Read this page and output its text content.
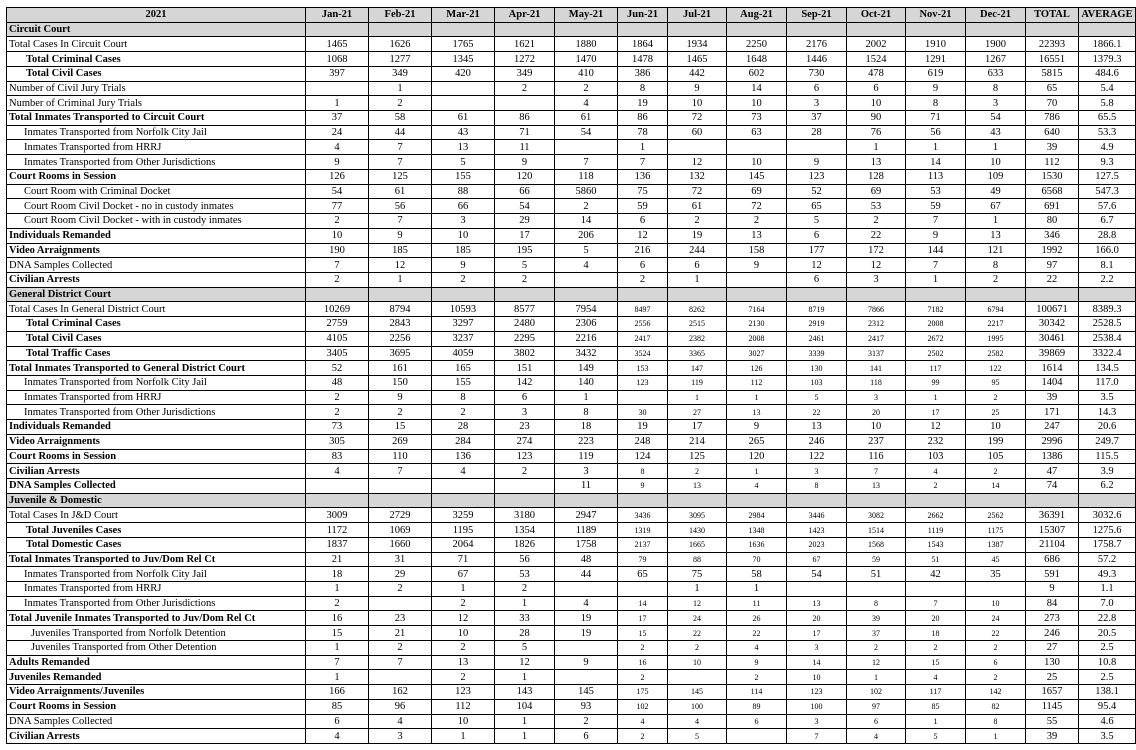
2021	Jan-21	Feb-21	Mar-21	Apr-21	May-21	Jun-21	Jul-21	Aug-21	Sep-21	Oct-21	Nov-21	Dec-21	TOTAL	AVERAGE
Circuit Court														
Total Cases In Circuit Court	1465	1626	1765	1621	1880	1864	1934	2250	2176	2002	1910	1900	22393	1866.1
Total Criminal Cases	1068	1277	1345	1272	1470	1478	1465	1648	1446	1524	1291	1267	16551	1379.3
Total Civil Cases	397	349	420	349	410	386	442	602	730	478	619	633	5815	484.6
Number of Civil Jury Trials		1		2	2	8	9	14	6	6	9	8	65	5.4
Number of Criminal Jury Trials	1	2			4	19	10	10	3	10	8	3	70	5.8
Total Inmates Transported to Circuit Court	37	58	61	86	61	86	72	73	37	90	71	54	786	65.5
Inmates Transported from Norfolk City Jail	24	44	43	71	54	78	60	63	28	76	56	43	640	53.3
Inmates Transported from HRRJ	4	7	13	11		1				1	1	1	39	4.9
Inmates Transported from Other Jurisdictions	9	7	5	9	7	7	12	10	9	13	14	10	112	9.3
Court Rooms in Session	126	125	155	120	118	136	132	145	123	128	113	109	1530	127.5
Court Room with Criminal Docket	54	61	88	66	5860	75	72	69	52	69	53	49	6568	547.3
Court Room Civil Docket - no in custody inmates	77	56	66	54	2	59	61	72	65	53	59	67	691	57.6
Court Room Civil Docket - with in custody inmates	2	7	3	29	14	6	2	2	5	2	7	1	80	6.7
Individuals Remanded	10	9	10	17	206	12	19	13	6	22	9	13	346	28.8
Video Arraignments	190	185	185	195	5	216	244	158	177	172	144	121	1992	166.0
DNA Samples Collected	7	12	9	5	4	6	6	9	12	12	7	8	97	8.1
Civilian Arrests	2	1	2	2		2	1		6	3	1	2	22	2.2
General District Court														
Total Cases In General District Court	10269	8794	10593	8577	7954	8497	8262	7164	8719	7866	7182	6794	100671	8389.3
Total Criminal Cases	2759	2843	3297	2480	2306	2556	2515	2130	2919	2312	2008	2217	30342	2528.5
Total Civil Cases	4105	2256	3237	2295	2216	2417	2382	2008	2461	2417	2672	1995	30461	2538.4
Total Traffic Cases	3405	3695	4059	3802	3432	3524	3365	3027	3339	3137	2502	2582	39869	3322.4
Total Inmates Transported to General District Court	52	161	165	151	149	153	147	126	130	141	117	122	1614	134.5
Inmates Transported from Norfolk City Jail	48	150	155	142	140	123	119	112	103	118	99	95	1404	117.0
Inmates Transported from HRRJ	2	9	8	6	1		1	1	5	3	1	2	39	3.5
Inmates Transported from Other Jurisdictions	2	2	2	3	8	30	27	13	22	20	17	25	171	14.3
Individuals Remanded	73	15	28	23	18	19	17	9	13	10	12	10	247	20.6
Video Arraignments	305	269	284	274	223	248	214	265	246	237	232	199	2996	249.7
Court Rooms in Session	83	110	136	123	119	124	125	120	122	116	103	105	1386	115.5
Civilian Arrests	4	7	4	2	3	8	2	1	3	7	4	2	47	3.9
DNA Samples Collected					11	9	13	4	8	13	2	14	74	6.2
Juvenile & Domestic														
Total Cases In J&D Court	3009	2729	3259	3180	2947	3436	3095	2984	3446	3082	2662	2562	36391	3032.6
Total Juveniles Cases	1172	1069	1195	1354	1189	1319	1430	1348	1423	1514	1119	1175	15307	1275.6
Total Domestic Cases	1837	1660	2064	1826	1758	2137	1665	1636	2023	1568	1543	1387	21104	1758.7
Total Inmates Transported to Juv/Dom Rel Ct	21	31	71	56	48	79	88	70	67	59	51	45	686	57.2
Inmates Transported from Norfolk City Jail	18	29	67	53	44	65	75	58	54	51	42	35	591	49.3
Inmates Transported from HRRJ	1	2	1	2			1	1					9	1.1
Inmates Transported from Other Jurisdictions	2		2	1	4	14	12	11	13	8	7	10	84	7.0
Total Juvenile Inmates Transported to Juv/Dom Rel Ct	16	23	12	33	19	17	24	26	20	39	20	24	273	22.8
Juveniles Transported from Norfolk Detention	15	21	10	28	19	15	22	22	17	37	18	22	246	20.5
Juveniles Transported from Other Detention	1	2	2	5		2	2	4	3	2	2	2	27	2.5
Adults Remanded	7	7	13	12	9	16	10	9	14	12	15	6	130	10.8
Juveniles Remanded	1		2	1		2		2	10	1	4	2	25	2.5
Video Arraignments/Juveniles	166	162	123	143	145	175	145	114	123	102	117	142	1657	138.1
Court Rooms in Session	85	96	112	104	93	102	100	89	100	97	85	82	1145	95.4
DNA Samples Collected	6	4	10	1	2	4	4	6	3	6	1	8	55	4.6
Civilian Arrests	4	3	1	1	6	2	5		7	4	5	1	39	3.5
